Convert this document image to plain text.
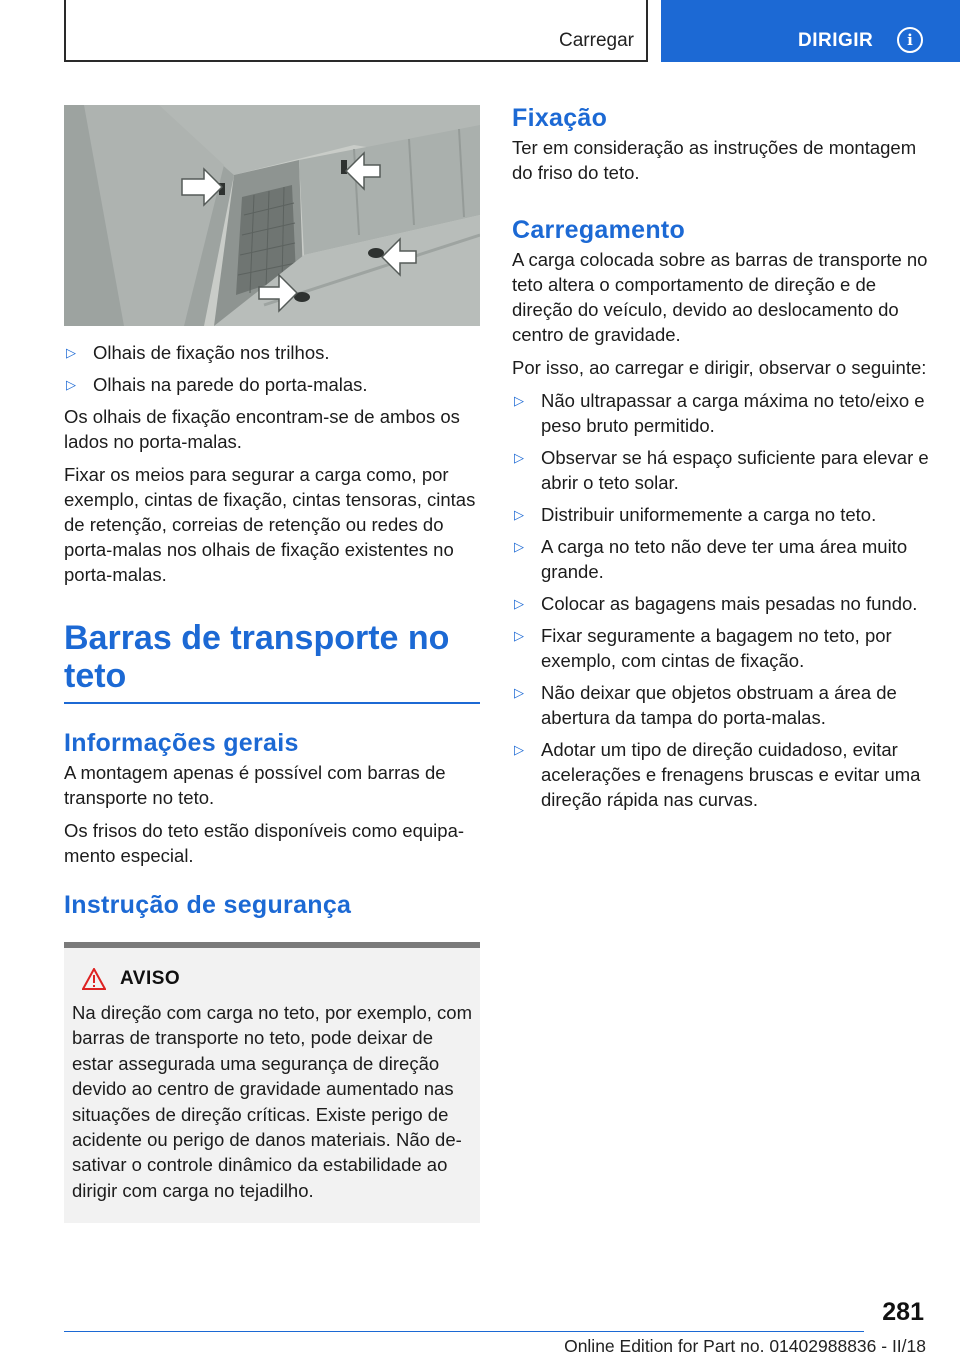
Carregar	DIRIGIR	i
▷ Olhais de fixação nos trilhos.
▷ Olhais na parede do porta-malas.

Os olhais de fixação encontram-se de ambos os lados no porta-malas.

Fixar os meios para segurar a carga como, por exemplo, cintas de fixação, cintas tensoras, cintas de retenção, correias de retenção ou redes do porta-malas nos olhais de fixação existentes no porta-malas.

Barras de transporte no teto
Informações gerais

A montagem apenas é possível com barras de transporte no teto.

Os frisos do teto estão disponíveis como equipamento especial.

Instrução de segurança
AVISO

Na direção com carga no teto, por exemplo, com barras de transporte no teto, pode deixar de estar assegurada uma segurança de direção devido ao centro de gravidade aumentado nas situações de direção críticas. Existe perigo de acidente ou perigo de danos materiais. Não desativar o controle dinâmico da estabilidade ao dirigir com carga no tejadilho.

Fixação

Ter em consideração as instruções de montagem do friso do teto.

Carregamento

A carga colocada sobre as barras de transporte no teto altera o comportamento de direção e de direção do veículo, devido ao deslocamento do centro de gravidade.

Por isso, ao carregar e dirigir, observar o seguinte:

▷ Não ultrapassar a carga máxima no teto/eixo e peso bruto permitido.
▷ Observar se há espaço suficiente para elevar e abrir o teto solar.
▷ Distribuir uniformemente a carga no teto.
▷ A carga no teto não deve ter uma área muito grande.
▷ Colocar as bagagens mais pesadas no fundo.
▷ Fixar seguramente a bagagem no teto, por exemplo, com cintas de fixação.
▷ Não deixar que objetos obstruam a área de abertura da tampa do porta-malas.
▷ Adotar um tipo de direção cuidadoso, evitar acelerações e frenagens bruscas e evitar uma direção rápida nas curvas.
281
Online Edition for Part no. 01402988836 - II/18
